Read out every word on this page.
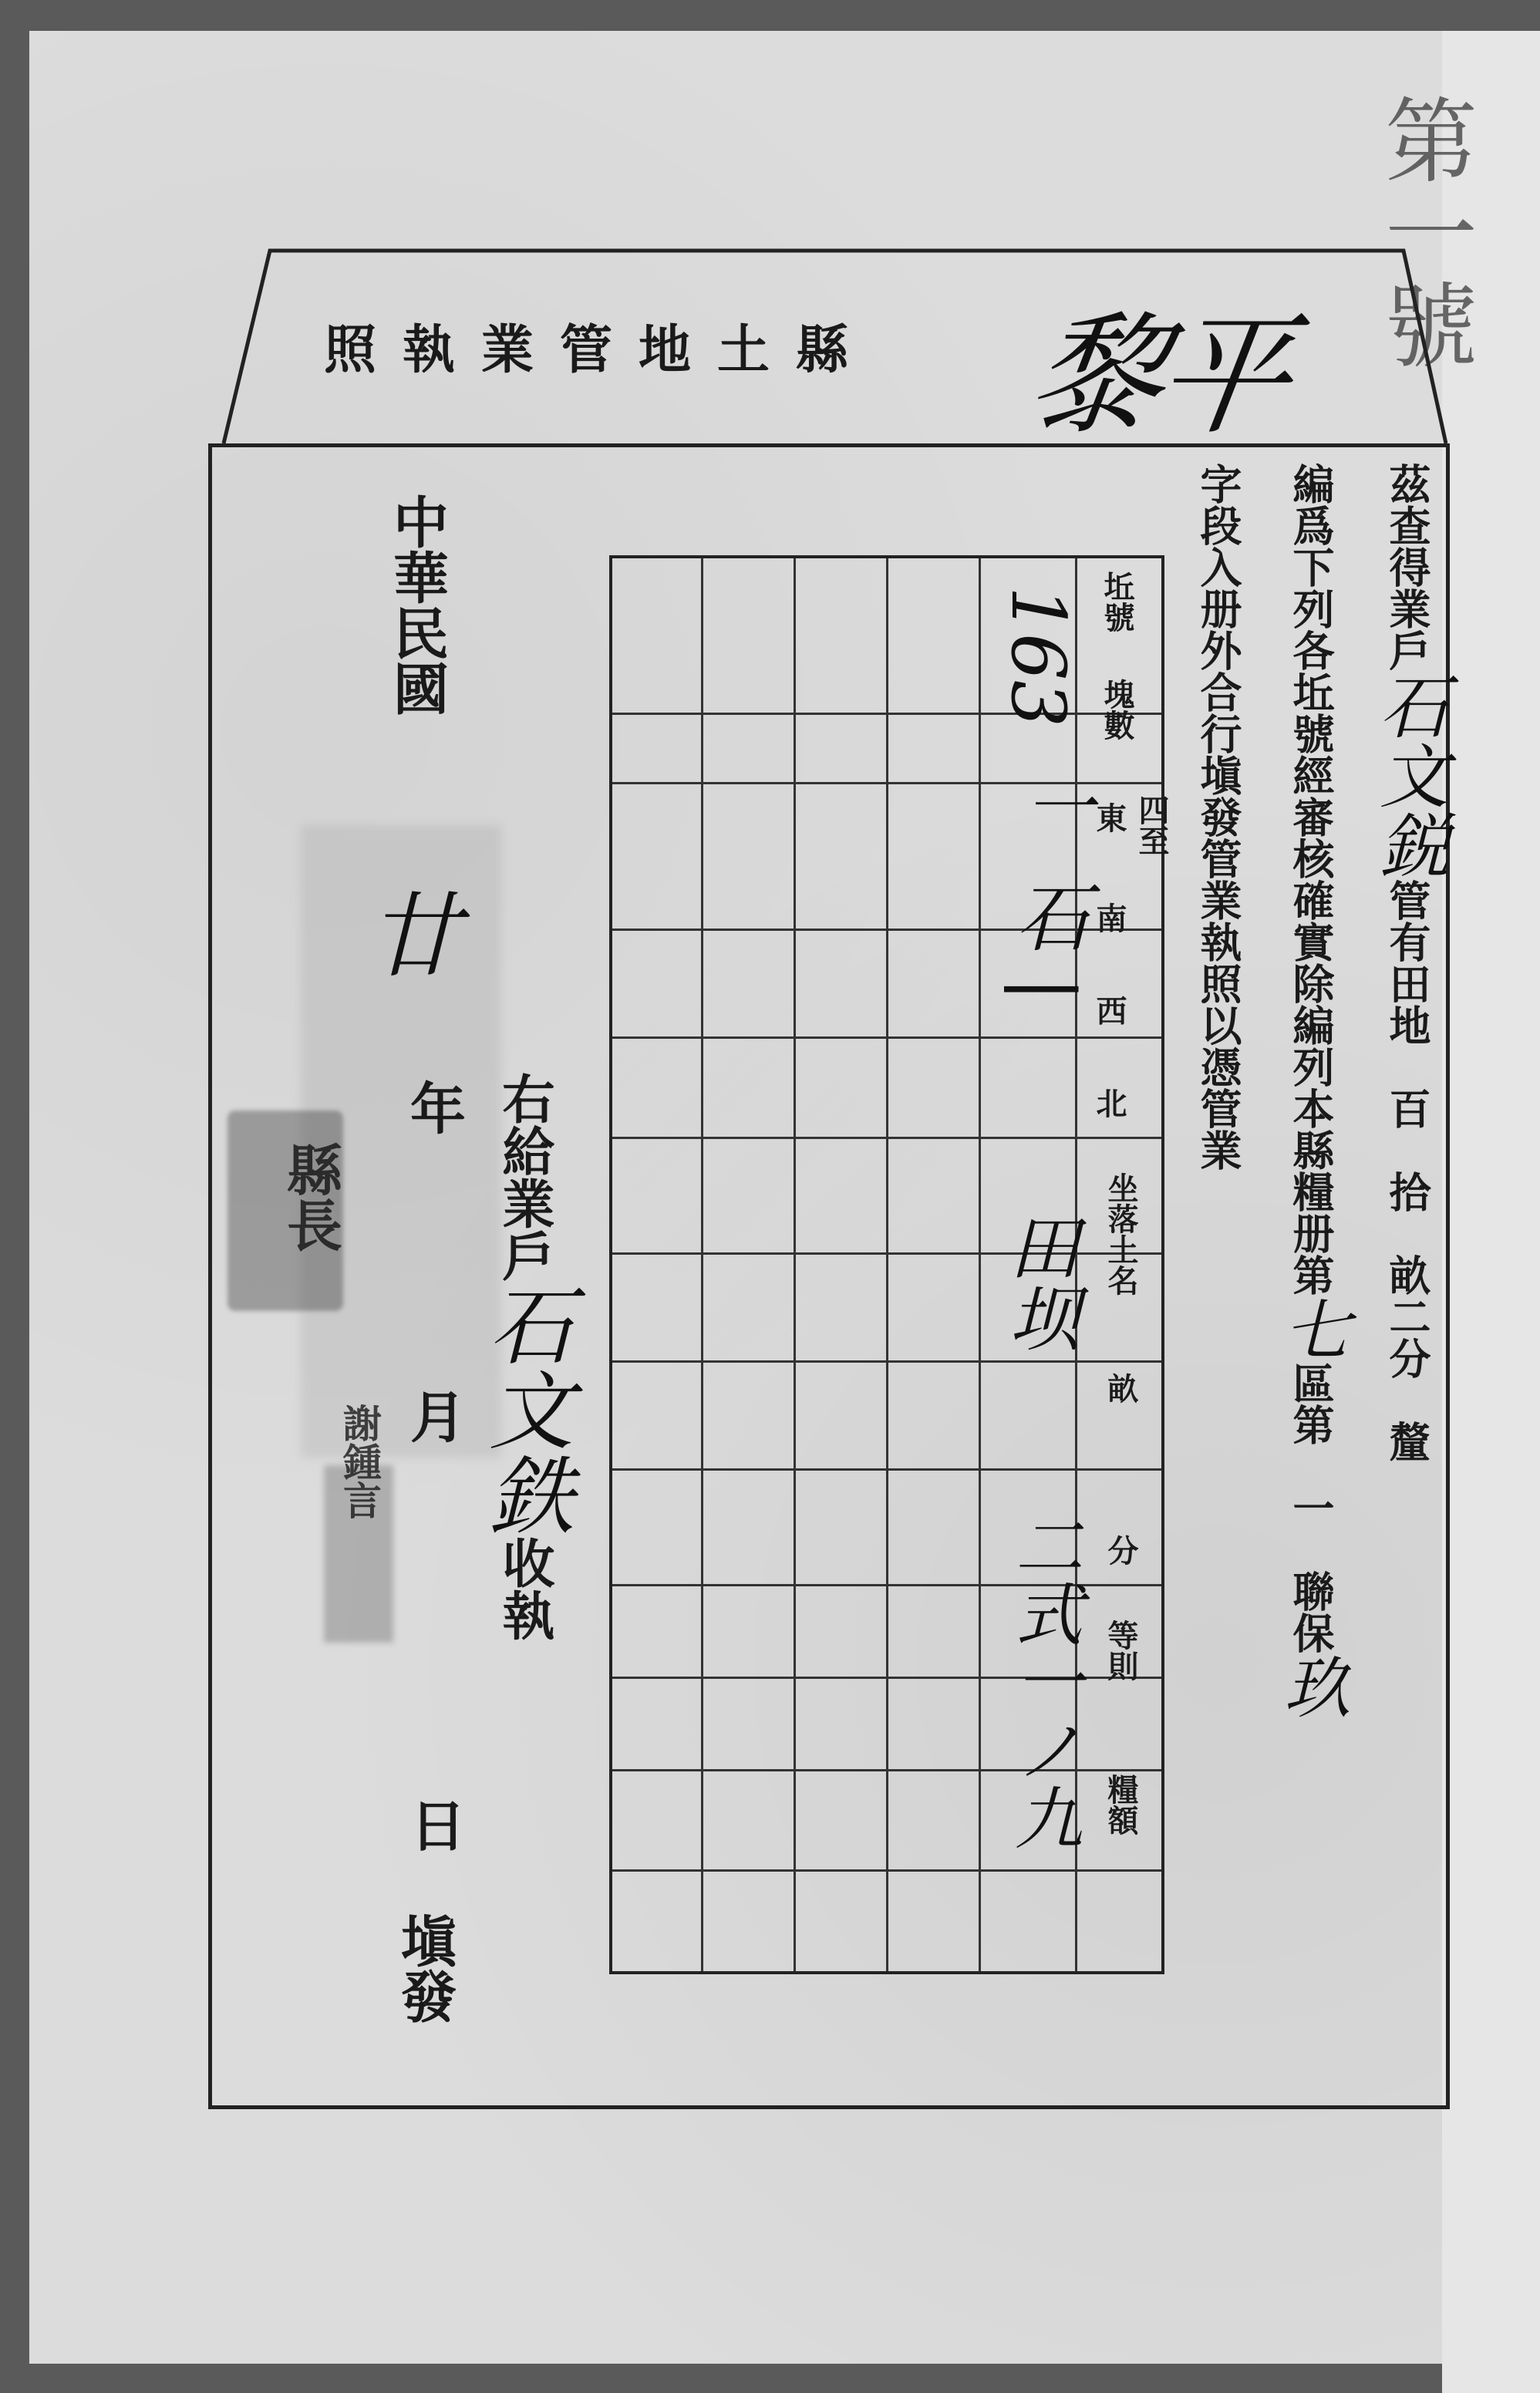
縣土地管業執照 黎平
茲查得業戶石文鋭管有田地　百　拾　畝二分　釐
編爲下列各坵號經審核確實除編列本縣糧册第七區第　一　聯保玖
字段入册外合行塡發管業執照以憑管業
坵號
塊數
四至
東
南
西
北
坐落土名
畝
分
等則
糧額
163
一
石 |
田坝
二式一ノ九
右給業戶石文鉄收執
中華民國
廿
年
月
日
塡發
縣長
謝鍾言
